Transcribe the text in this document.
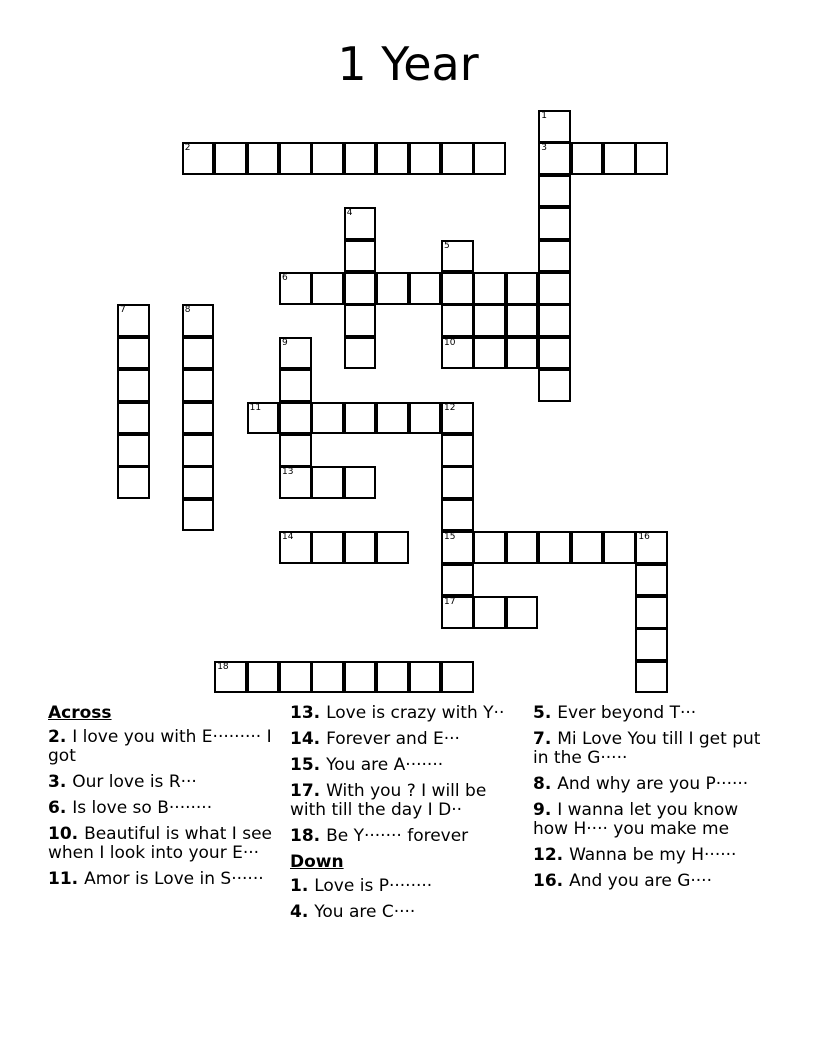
1 Year
1
2	3
4
5
6
7	8
9	10
11	12
13
14	15	16
17
18
Across
2. I love you with E········· I got
3. Our love is R···
6. Is love so B········
10. Beautiful is what I see when I look into your E···
11. Amor is Love in S······
13. Love is crazy with Y··
14. Forever and E···
15. You are A·······
17. With you ? I will be with till the day I D··
18. Be Y······· forever
Down
1. Love is P········
4. You are C····
5. Ever beyond T···
7. Mi Love You till I get put in the G·····
8. And why are you P······
9. I wanna let you know how H···· you make me
12. Wanna be my H······
16. And you are G····
